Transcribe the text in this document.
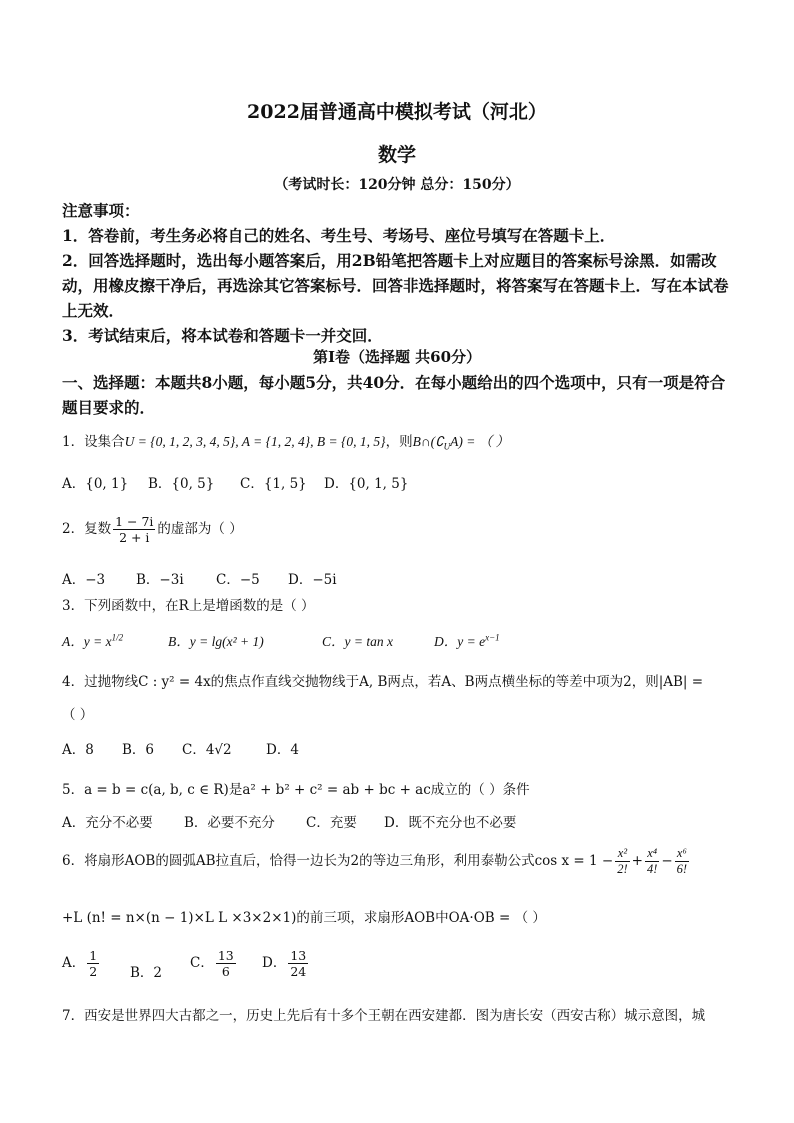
2022届普通高中模拟考试（河北）
数学
（考试时长：120分钟 总分：150分）
注意事项：
1．答卷前，考生务必将自己的姓名、考生号、考场号、座位号填写在答题卡上．
2．回答选择题时，选出每小题答案后，用2B铅笔把答题卡上对应题目的答案标号涂黑．如需改动，用橡皮擦干净后，再选涂其它答案标号．回答非选择题时，将答案写在答题卡上．写在本试卷上无效．
3．考试结束后，将本试卷和答题卡一并交回．
第Ⅰ卷（选择题 共60分）
一、选择题：本题共8小题，每小题5分，共40分．在每小题给出的四个选项中，只有一项是符合题目要求的．
1．设集合U = {0, 1, 2, 3, 4, 5}, A = {1, 2, 4}, B = {0, 1, 5}，则$B\cap(∁_UA)$ = （ ）
A．{0, 1} B．{0, 5} C．{1, 5} D．{0, 1, 5}
2．复数 $\frac{1 - 7i}{2 + i}$ 的虚部为（ ）
A．−3 B．−3i C．−5 D．−5i
3．下列函数中，在R上是增函数的是（ ）
A．$y = x^{1/2}$	B．y = lg(x² + 1)	C．y = tan x	D．$y = e^{x-1}$
4．过抛物线C : y² = 4x的焦点作直线交抛物线于A, B两点，若A、B两点横坐标的等差中项为2，则|AB| =
（ ）
A．8 B．6 C．4√2	D．4
5．a = b = c(a, b, c ∈ R)是a² + b² + c² = ab + bc + ac成立的（ ）条件
A．充分不必要 B．必要不充分 C．充要 D．既不充分也不必要
6．将扇形AOB的圆弧AB拉直后，恰得一边长为2的等边三角形，利用泰勒公式$\cos x = 1 - \frac{\text{x²}}{2!} + \frac{\text{x⁴}}{4!} - \frac{\text{x⁶}}{6!}$
+L (n! = n×(n − 1)×L L ×3×2×1)的前三项，求扇形AOB中OA·OB = （ ）
A． $\frac{1}{2}$ B．2
C． $\frac{13}{6}$ D． $\frac{13}{24}$
7．西安是世界四大古都之一，历史上先后有十多个王朝在西安建都．图为唐长安（西安古称）城示意图，城
